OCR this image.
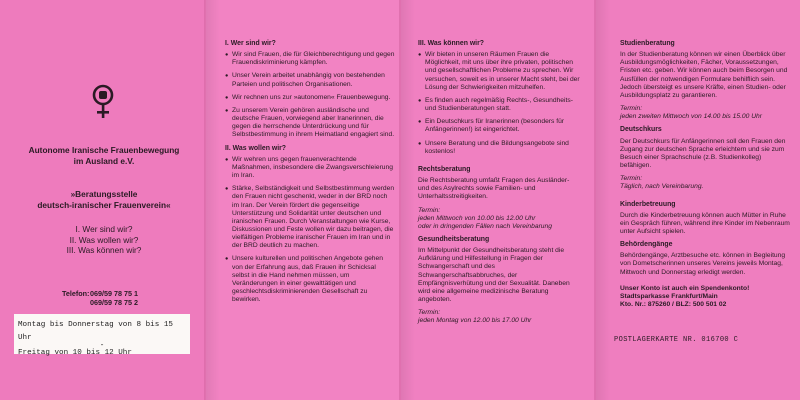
Autonome Iranische Frauenbewegung
im Ausland e.V.
»Beratungsstelle
deutsch-iranischer Frauenverein«
I. Wer sind wir?
II. Was wollen wir?
III. Was können wir?
Telefon:069/59 78 75 1
069/59 78 75 2
Montag bis Donnerstag von 8 bis 15 Uhr
-
Freitag von 10 bis 12 Uhr
I. Wer sind wir?

● Wir sind Frauen, die für Gleichberechtigung und gegen Frauendiskriminierung kämpfen.

● Unser Verein arbeitet unabhängig von bestehenden Parteien und politischen Organisationen.

● Wir rechnen uns zur »autonomen« Frauenbewegung.

● Zu unserem Verein gehören ausländische und deutsche Frauen, vorwiegend aber Iranerinnen, die gegen die herrschende Unterdrückung und für Selbstbestimmung in ihrem Heimatland engagiert sind.

II. Was wollen wir?

● Wir wehren uns gegen frauenverachtende Maßnahmen, insbesondere die Zwangsverschleierung im Iran.

● Stärke, Selbständigkeit und Selbstbestimmung werden den Frauen nicht geschenkt, weder in der BRD noch im Iran. Der Verein fördert die gegenseitige Unterstützung und Solidarität unter deutschen und iranischen Frauen. Durch Veranstaltungen wie Kurse, Diskussionen und Feste wollen wir dazu beitragen, die vielfältigen Probleme iranischer Frauen im Iran und in der BRD deutlich zu machen.

● Unsere kulturellen und politischen Angebote gehen von der Erfahrung aus, daß Frauen ihr Schicksal selbst in die Hand nehmen müssen, um Veränderungen in einer gewalttätigen und geschlechtsdiskriminierenden Gesellschaft zu bewirken.

III. Was können wir?

● Wir bieten in unseren Räumen Frauen die Möglichkeit, mit uns über ihre privaten, politischen und gesellschaftlichen Probleme zu sprechen. Wir versuchen, soweit es in unserer Macht steht, bei der Lösung der Schwierigkeiten mitzuhelfen.

● Es finden auch regelmäßig Rechts-, Gesundheits- und Studienberatungen statt.

● Ein Deutschkurs für Iranerinnen (besonders für Anfängerinnen!) ist eingerichtet.

● Unsere Beratung und die Bildungsangebote sind kostenlos!

Rechtsberatung

Die Rechtsberatung umfaßt Fragen des Ausländer- und des Asylrechts sowie Familien- und Unterhaltsstreitigkeiten.

Termin:
jeden Mittwoch von 10.00 bis 12.00 Uhr
oder in dringenden Fällen nach Vereinbarung

Gesundheitsberatung

Im Mittelpunkt der Gesundheitsberatung steht die Aufklärung und Hilfestellung in Fragen der Schwangerschaft und des Schwangerschaftsabbruches, der Empfängnisverhütung und der Sexualität. Daneben wird eine allgemeine medizinische Beratung angeboten.

Termin:
jeden Montag von 12.00 bis 17.00 Uhr

Studienberatung

In der Studienberatung können wir einen Überblick über Ausbildungsmöglichkeiten, Fächer, Voraussetzungen, Fristen etc. geben. Wir können auch beim Besorgen und Ausfüllen der notwendigen Formulare behilflich sein. Jedoch übersteigt es unsere Kräfte, einen Studien- oder Ausbildungsplatz zu garantieren.

Termin:
jeden zweiten Mittwoch von 14.00 bis 15.00 Uhr

Deutschkurs

Der Deutschkurs für Anfängerinnen soll den Frauen den Zugang zur deutschen Sprache erleichtern und sie zum Besuch einer Sprachschule (z.B. Studienkolleg) befähigen.

Termin:
Täglich, nach Vereinbarung.

Kinderbetreuung

Durch die Kinderbetreuung können auch Mütter in Ruhe ein Gespräch führen, während ihre Kinder im Nebenraum unter Aufsicht spielen.

Behördengänge

Behördengänge, Arztbesuche etc. können in Begleitung von Dometscherinnen unseres Vereins jeweils Montag, Mittwoch und Donnerstag erledigt werden.

Unser Konto ist auch ein Spendenkonto!
Stadtsparkasse Frankfurt/Main
Kto. Nr.: 875260 / BLZ: 500 501 02
POSTLAGERKARTE NR. 016700 C
